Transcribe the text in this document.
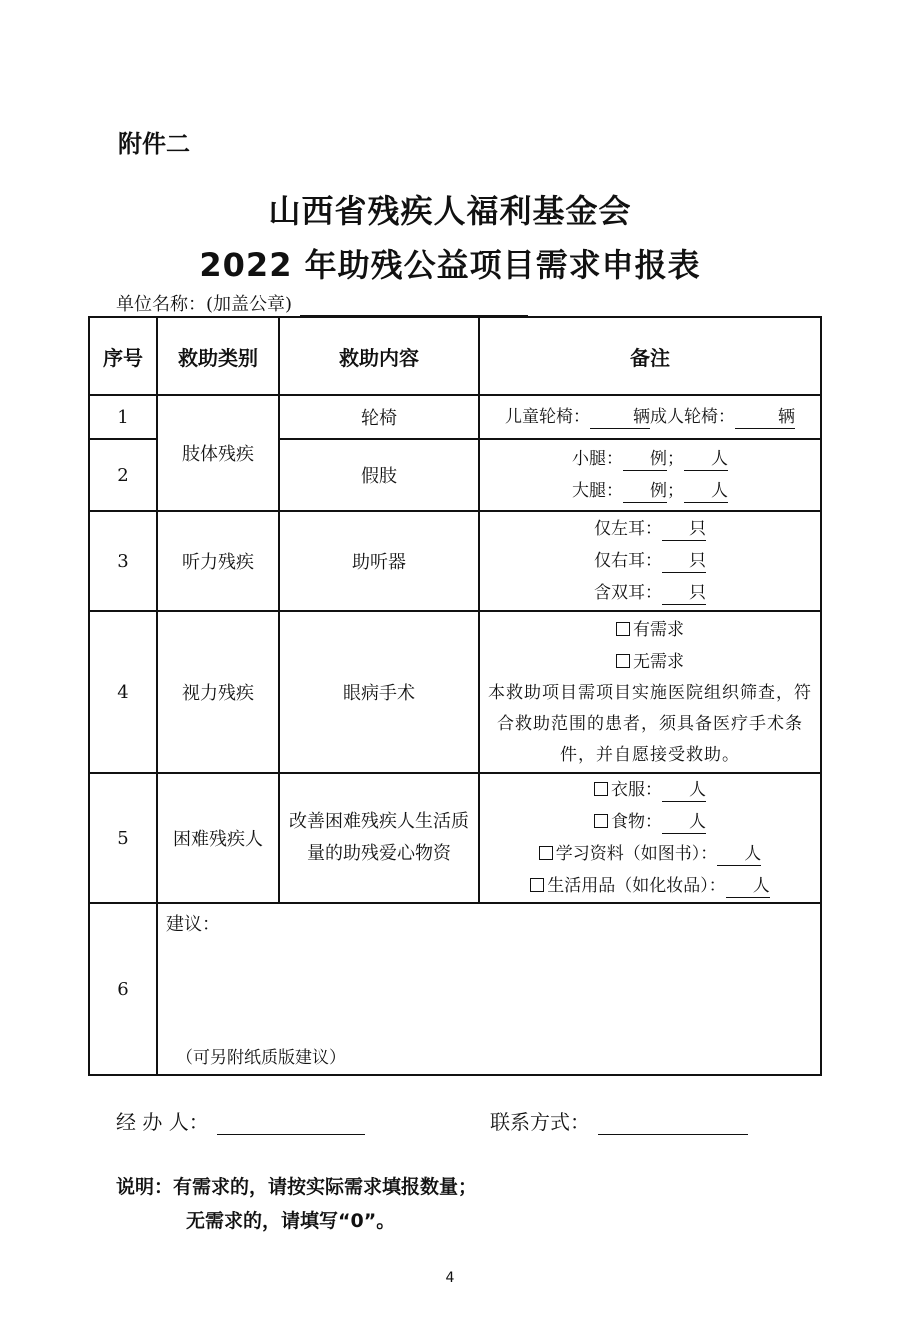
附件二
山西省残疾人福利基金会
2022 年助残公益项目需求申报表
单位名称：(加盖公章)
序号	救助类别	救助内容	备注
1	肢体残疾	轮椅	儿童轮椅： 辆成人轮椅： 辆
2		假肢	小腿： 例； 人
大腿： 例； 人

3	听力残疾	助听器	仅左耳： 只
仅右耳： 只
含双耳： 只

4	视力残疾	眼病手术	有需求
无需求
本救助项目需项目实施医院组织筛查，符合救助范围的患者，须具备医疗手术条件，并自愿接受救助。

5	困难残疾人	改善困难残疾人生活质量的助残爱心物资	衣服： 人
食物： 人
学习资料（如图书）： 人
生活用品（如化妆品）： 人

6	建议：
（可另附纸质版建议）		
经 办 人：	联系方式：
说明：有需求的，请按实际需求填报数量；
无需求的，请填写“0”。
4
